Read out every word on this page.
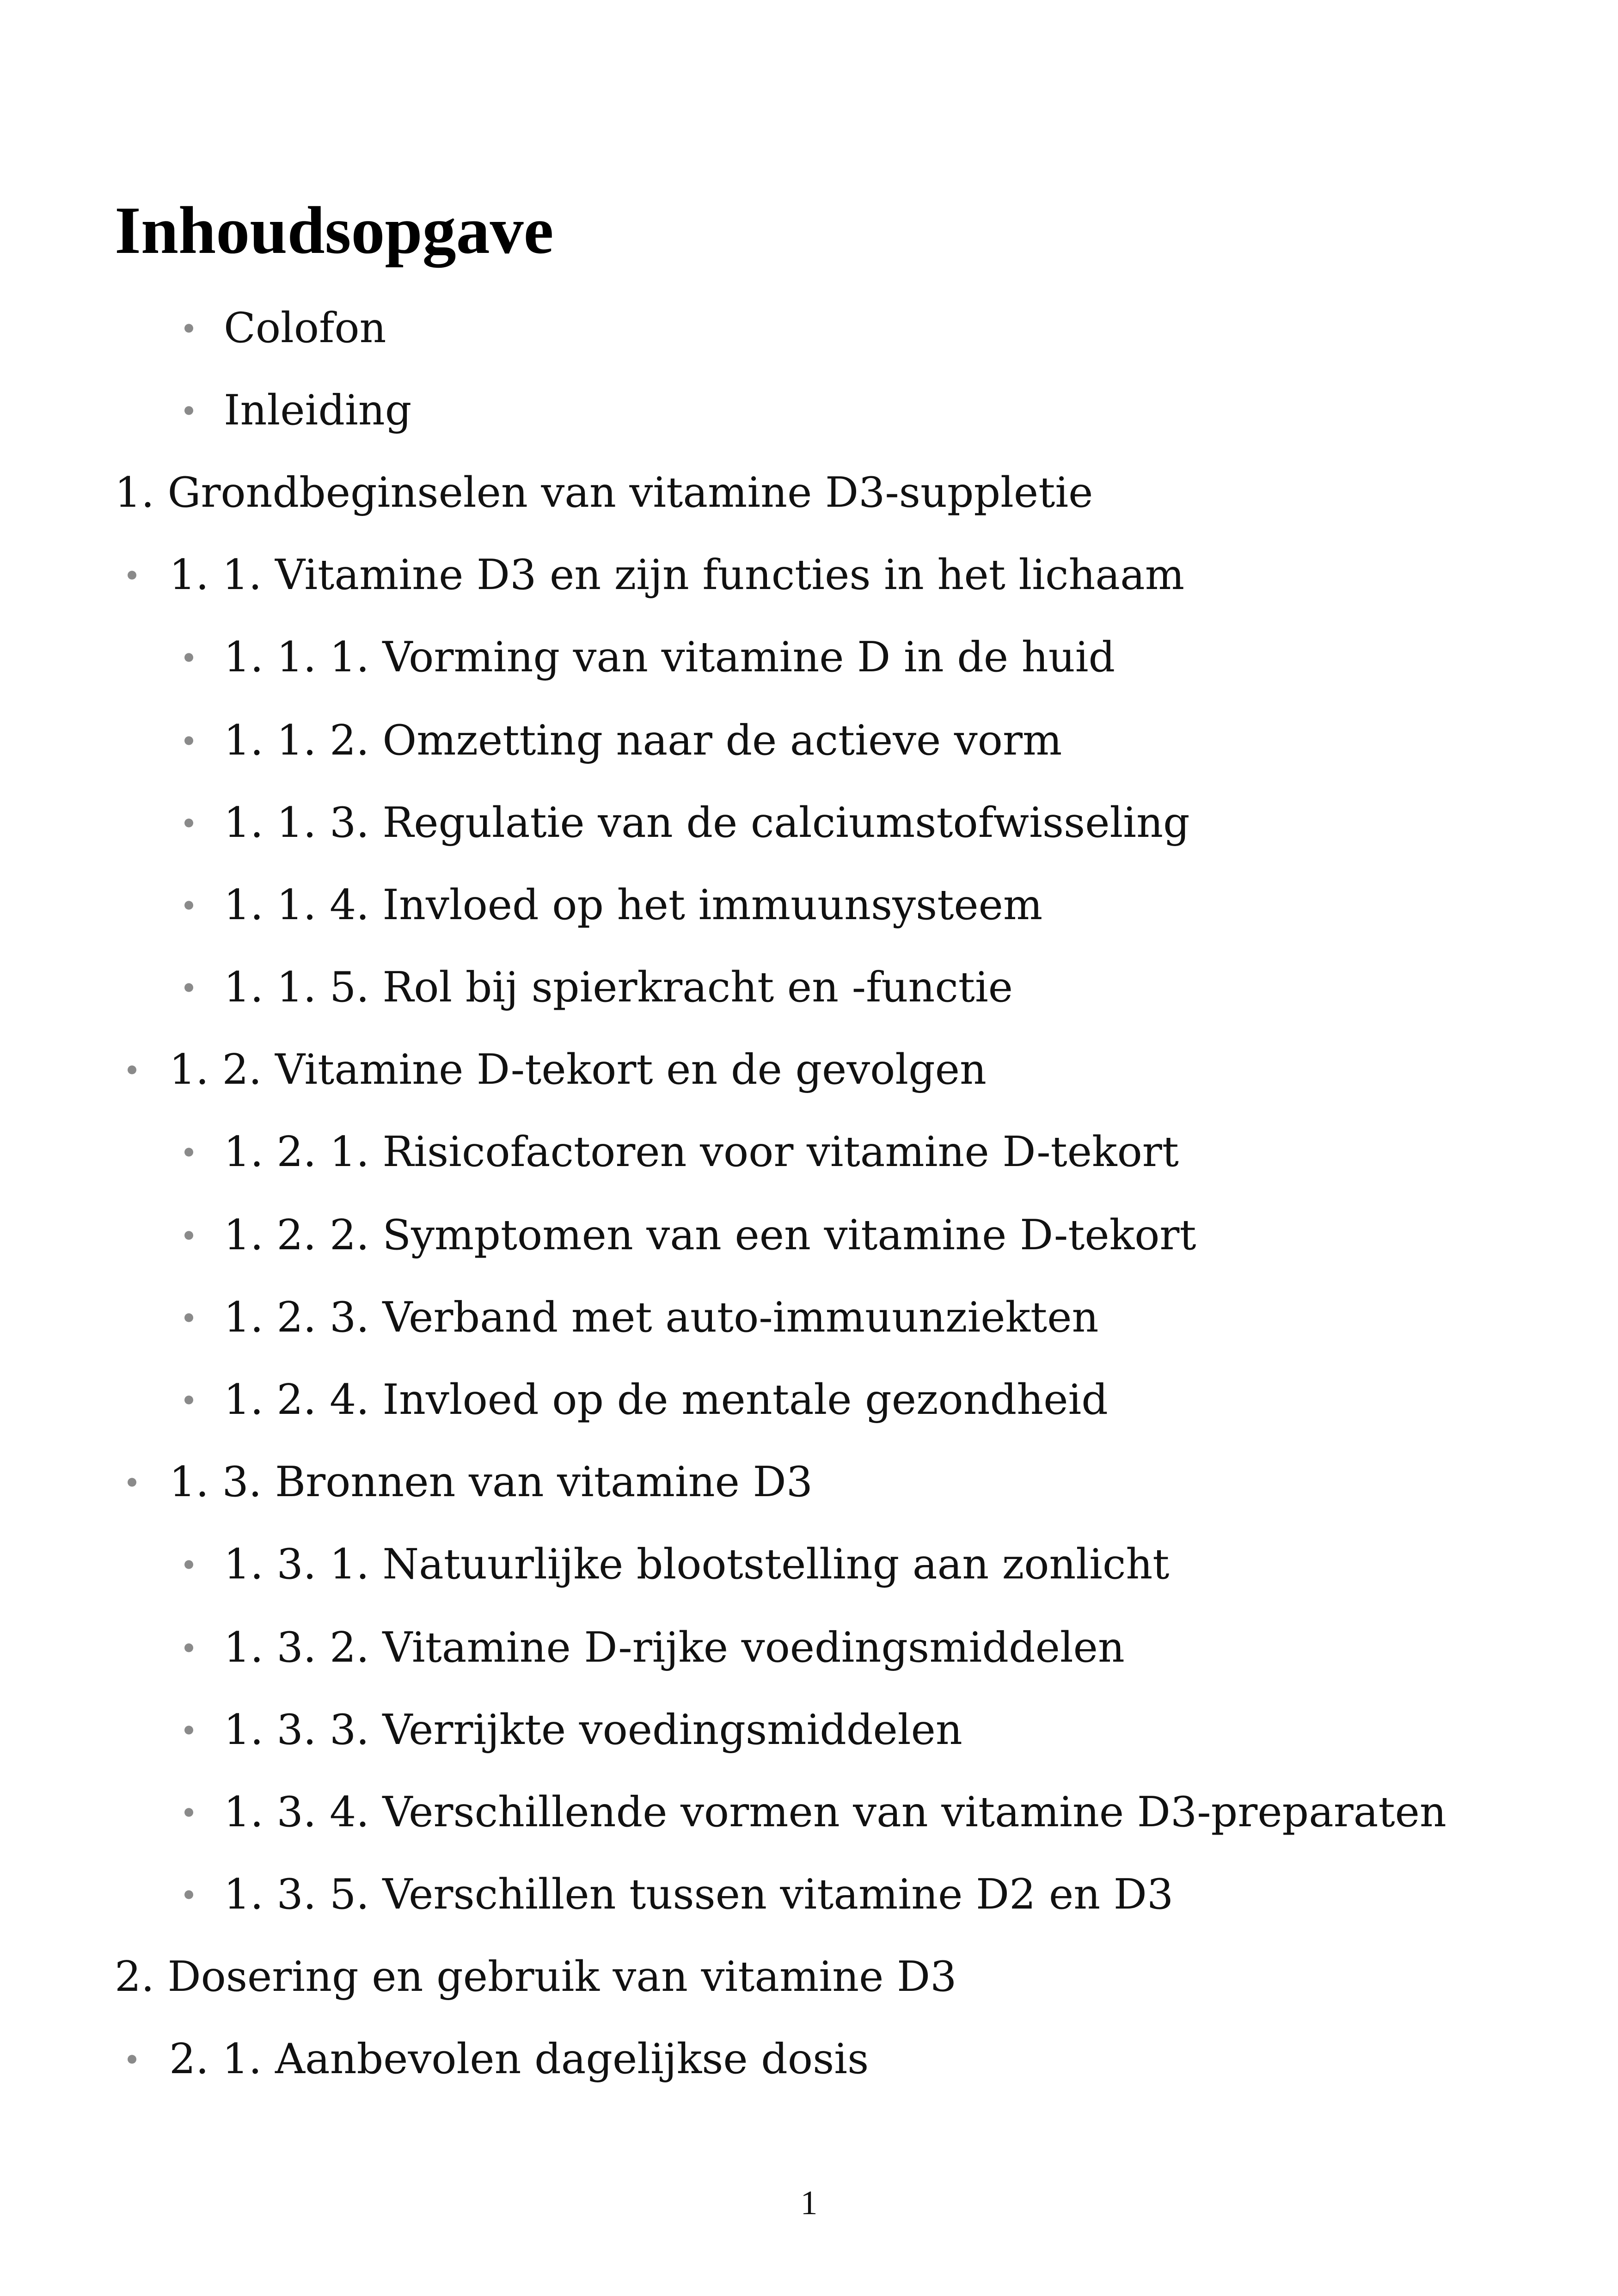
Inhoudsopgave
Colofon
Inleiding
1. Grondbeginselen van vitamine D3-suppletie
1. 1. Vitamine D3 en zijn functies in het lichaam
1. 1. 1. Vorming van vitamine D in de huid
1. 1. 2. Omzetting naar de actieve vorm
1. 1. 3. Regulatie van de calciumstofwisseling
1. 1. 4. Invloed op het immuunsysteem
1. 1. 5. Rol bij spierkracht en -functie
1. 2. Vitamine D-tekort en de gevolgen
1. 2. 1. Risicofactoren voor vitamine D-tekort
1. 2. 2. Symptomen van een vitamine D-tekort
1. 2. 3. Verband met auto-immuunziekten
1. 2. 4. Invloed op de mentale gezondheid
1. 3. Bronnen van vitamine D3
1. 3. 1. Natuurlijke blootstelling aan zonlicht
1. 3. 2. Vitamine D-rijke voedingsmiddelen
1. 3. 3. Verrijkte voedingsmiddelen
1. 3. 4. Verschillende vormen van vitamine D3-preparaten
1. 3. 5. Verschillen tussen vitamine D2 en D3
2. Dosering en gebruik van vitamine D3
2. 1. Aanbevolen dagelijkse dosis
1
